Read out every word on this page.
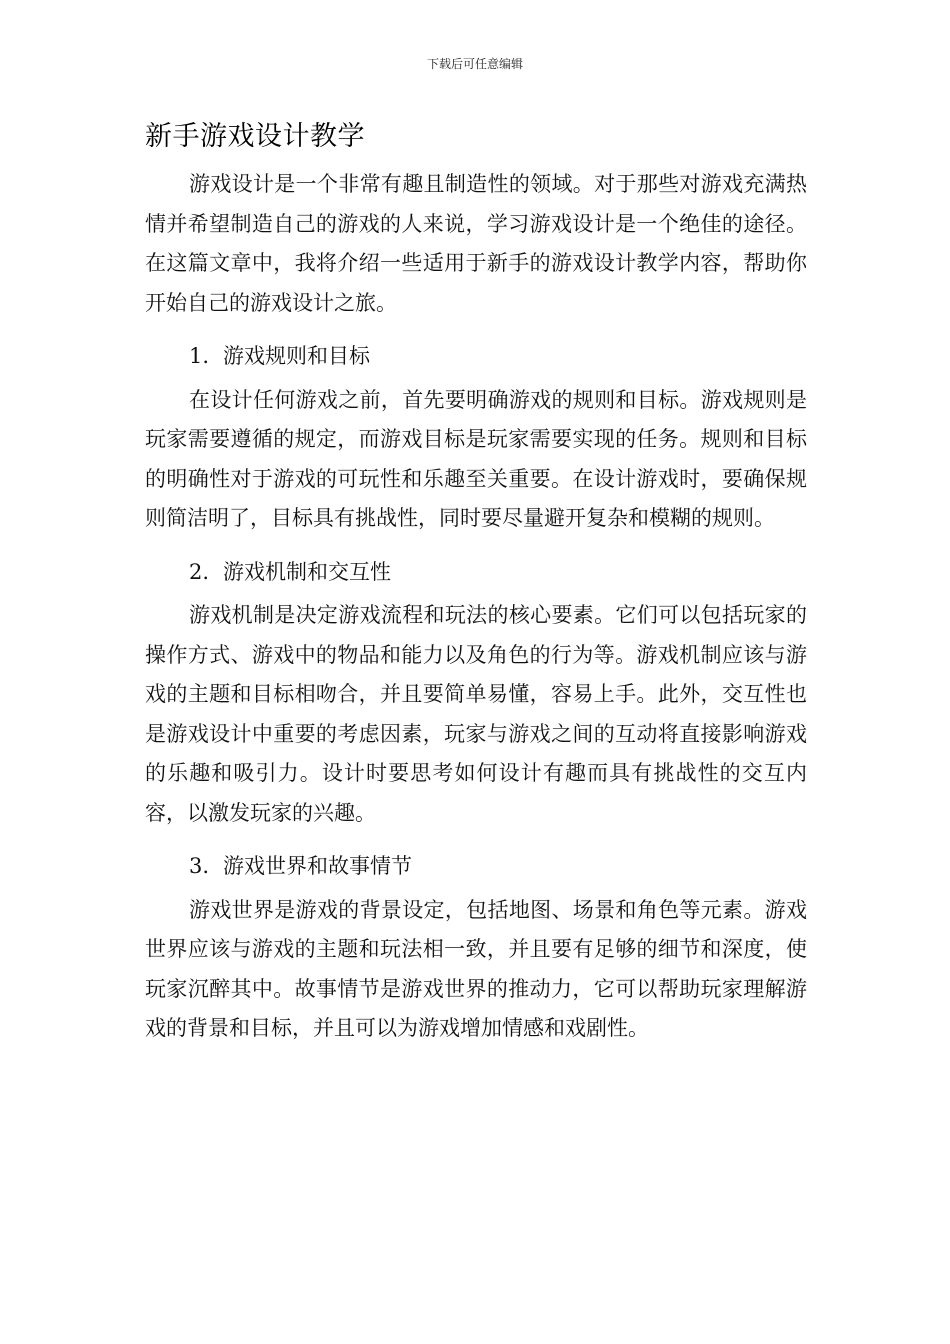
下载后可任意编辑
新手游戏设计教学

游戏设计是一个非常有趣且制造性的领域。对于那些对游戏充满热情并希望制造自己的游戏的人来说，学习游戏设计是一个绝佳的途径。在这篇文章中，我将介绍一些适用于新手的游戏设计教学内容，帮助你开始自己的游戏设计之旅。

1. 游戏规则和目标

在设计任何游戏之前，首先要明确游戏的规则和目标。游戏规则是玩家需要遵循的规定，而游戏目标是玩家需要实现的任务。规则和目标的明确性对于游戏的可玩性和乐趣至关重要。在设计游戏时，要确保规则简洁明了，目标具有挑战性，同时要尽量避开复杂和模糊的规则。

2. 游戏机制和交互性

游戏机制是决定游戏流程和玩法的核心要素。它们可以包括玩家的操作方式、游戏中的物品和能力以及角色的行为等。游戏机制应该与游戏的主题和目标相吻合，并且要简单易懂，容易上手。此外，交互性也是游戏设计中重要的考虑因素，玩家与游戏之间的互动将直接影响游戏的乐趣和吸引力。设计时要思考如何设计有趣而具有挑战性的交互内容，以激发玩家的兴趣。

3. 游戏世界和故事情节

游戏世界是游戏的背景设定，包括地图、场景和角色等元素。游戏世界应该与游戏的主题和玩法相一致，并且要有足够的细节和深度，使玩家沉醉其中。故事情节是游戏世界的推动力，它可以帮助玩家理解游戏的背景和目标，并且可以为游戏增加情感和戏剧性。
